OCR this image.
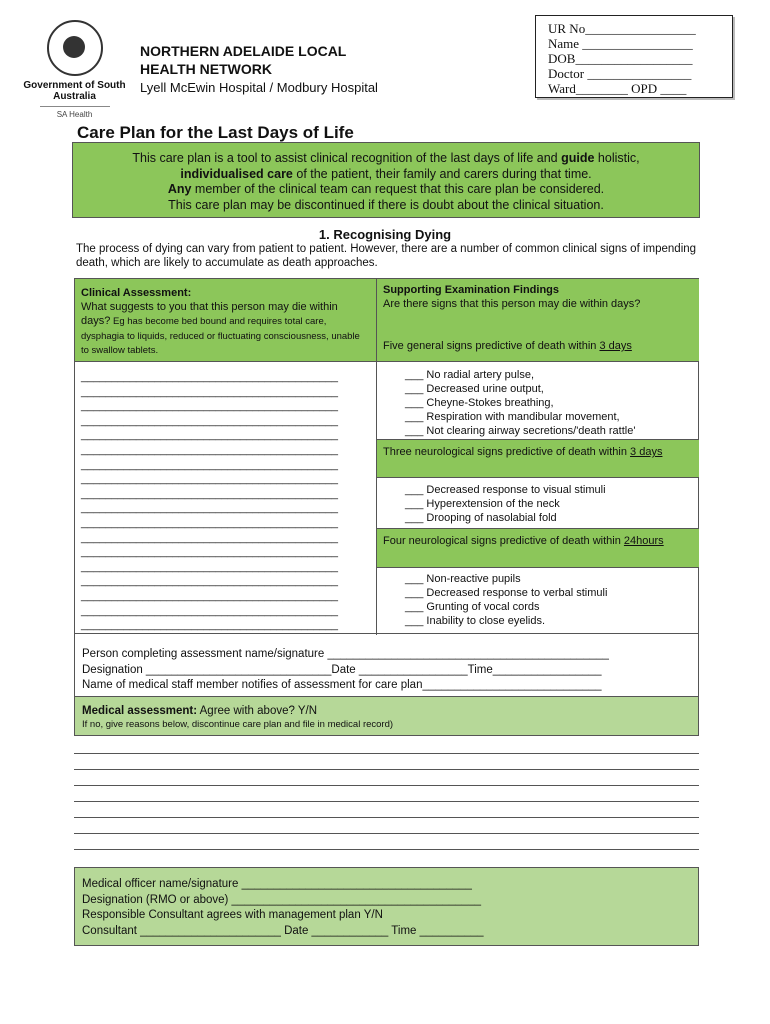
Government of South Australia
SA Health
NORTHERN ADELAIDE LOCAL
HEALTH NETWORK
Lyell McEwin Hospital / Modbury Hospital
UR No_________________
Name _________________
DOB__________________
Doctor ________________
Ward________ OPD ____
Care Plan for the Last Days of Life
This care plan is a tool to assist clinical recognition of the last days of life and guide holistic,
individualised care of the patient, their family and carers during that time.
Any member of the clinical team can request that this care plan be considered.
This care plan may be discontinued if there is doubt about the clinical situation.
1. Recognising Dying
The process of dying can vary from patient to patient. However, there are a number of common clinical signs of impending death, which are likely to accumulate as death approaches.
Clinical Assessment:
What suggests to you that this person may die within days? Eg has become bed bound and requires total care, dysphagia to liquids, reduced or fluctuating consciousness, unable to swallow tablets.
Supporting Examination Findings
Are there signs that this person may die within days?
Five general signs predictive of death within 3 days
__________________________________________
__________________________________________
__________________________________________
__________________________________________
__________________________________________
__________________________________________
__________________________________________
__________________________________________
__________________________________________
__________________________________________
__________________________________________
__________________________________________
__________________________________________
__________________________________________
__________________________________________
__________________________________________
__________________________________________
__________________________________________
___ No radial artery pulse,
___ Decreased urine output,
___ Cheyne-Stokes breathing,
___ Respiration with mandibular movement,
___ Not clearing airway secretions/'death rattle'
Three neurological signs predictive of death within 3 days
___ Decreased response to visual stimuli
___ Hyperextension of the neck
___ Drooping of nasolabial fold
Four neurological signs predictive of death within 24hours
___ Non-reactive pupils
___ Decreased response to verbal stimuli
___ Grunting of vocal cords
___ Inability to close eyelids.
Person completing assessment name/signature ____________________________________________
Designation _____________________________Date _________________Time_________________
Name of medical staff member notifies of assessment for care plan____________________________
Medical assessment: Agree with above? Y/N
If no, give reasons below, discontinue care plan and file in medical record)
Medical officer name/signature ____________________________________
Designation (RMO or above) _______________________________________
Responsible Consultant agrees with management plan Y/N
Consultant ______________________ Date ____________ Time __________
